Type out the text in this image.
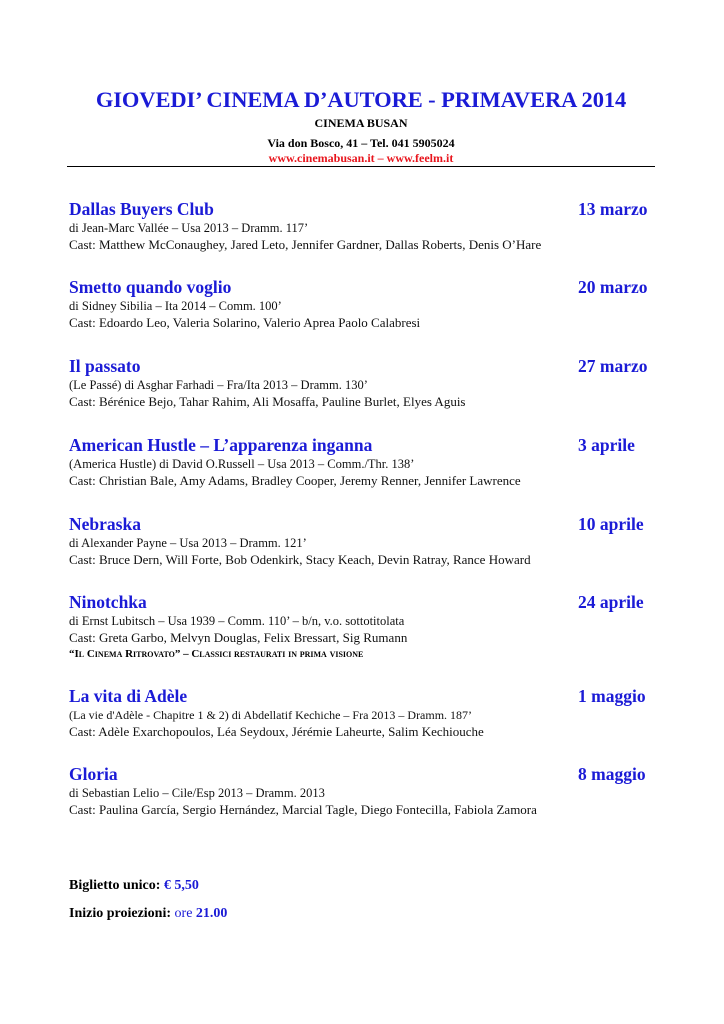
GIOVEDI’ CINEMA D’AUTORE - PRIMAVERA 2014
CINEMA BUSAN
Via don Bosco, 41 – Tel. 041 5905024
www.cinemabusan.it – www.feelm.it
Dallas Buyers Club	13 marzo
di Jean-Marc Vallée – Usa 2013 – Dramm. 117’
Cast: Matthew McConaughey, Jared Leto, Jennifer Gardner, Dallas Roberts, Denis O’Hare
Smetto quando voglio	20 marzo
di Sidney Sibilia – Ita 2014 – Comm. 100’
Cast: Edoardo Leo, Valeria Solarino, Valerio Aprea Paolo Calabresi
Il passato	27 marzo
(Le Passé) di Asghar Farhadi – Fra/Ita 2013 – Dramm. 130’
Cast: Bérénice Bejo, Tahar Rahim, Ali Mosaffa, Pauline Burlet, Elyes Aguis
American Hustle – L’apparenza inganna	3 aprile
(America Hustle) di David O.Russell – Usa 2013 – Comm./Thr. 138’
Cast: Christian Bale, Amy Adams, Bradley Cooper, Jeremy Renner, Jennifer Lawrence
Nebraska	10 aprile
di Alexander Payne – Usa 2013 – Dramm. 121’
Cast: Bruce Dern, Will Forte, Bob Odenkirk, Stacy Keach, Devin Ratray, Rance Howard
Ninotchka	24 aprile
di Ernst Lubitsch – Usa 1939 – Comm. 110’ – b/n, v.o. sottotitolata
Cast: Greta Garbo, Melvyn Douglas, Felix Bressart, Sig Rumann
“Il Cinema Ritrovato” – Classici restaurati in prima visione
La vita di Adèle	1 maggio
(La vie d'Adèle - Chapitre 1 & 2) di Abdellatif Kechiche – Fra 2013 – Dramm. 187’
Cast: Adèle Exarchopoulos, Léa Seydoux, Jérémie Laheurte, Salim Kechiouche
Gloria	8 maggio
di Sebastian Lelio – Cile/Esp 2013 – Dramm. 2013
Cast: Paulina García, Sergio Hernández, Marcial Tagle, Diego Fontecilla, Fabiola Zamora
Biglietto unico: € 5,50
Inizio proiezioni: ore 21.00
